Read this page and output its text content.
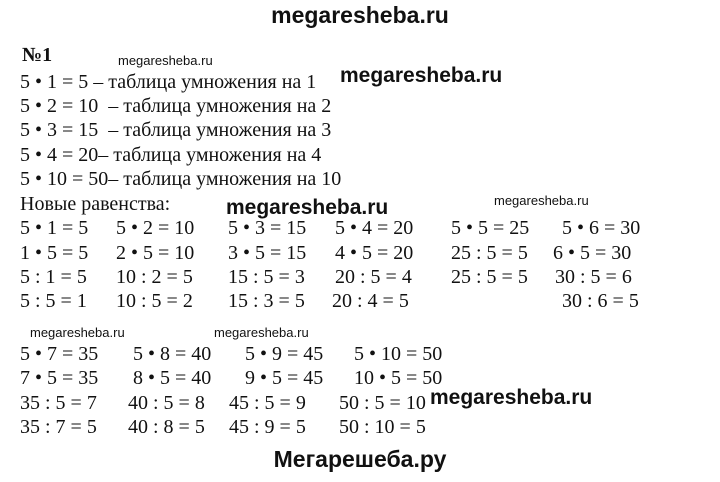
megaresheba.ru
Мегарешеба.ру
megaresheba.ru
megaresheba.ru
megaresheba.ru
megaresheba.ru
megaresheba.ru	megaresheba.ru
megaresheba.ru
№1
5 • 1 = 5 – таблица умножения на 1
5 • 2 = 10  – таблица умножения на 2
5 • 3 = 15  – таблица умножения на 3
5 • 4 = 20– таблица умножения на 4
5 • 10 = 50– таблица умножения на 10
Новые равенства:
5 • 1 = 5 5 • 2 = 10 5 • 3 = 15 5 • 4 = 20 5 • 5 = 25 5 • 6 = 30
1 • 5 = 5 2 • 5 = 10 3 • 5 = 15 4 • 5 = 20 25 : 5 = 5 6 • 5 = 30
5 : 1 = 5 10 : 2 = 5 15 : 5 = 3 20 : 5 = 4 25 : 5 = 5 30 : 5 = 6
5 : 5 = 1 10 : 5 = 2 15 : 3 = 5 20 : 4 = 5	30 : 6 = 5
5 • 7 = 35 5 • 8 = 40 5 • 9 = 45 5 • 10 = 50
7 • 5 = 35 8 • 5 = 40 9 • 5 = 45 10 • 5 = 50
35 : 5 = 7 40 : 5 = 8 45 : 5 = 9 50 : 5 = 10
35 : 7 = 5 40 : 8 = 5 45 : 9 = 5 50 : 10 = 5
